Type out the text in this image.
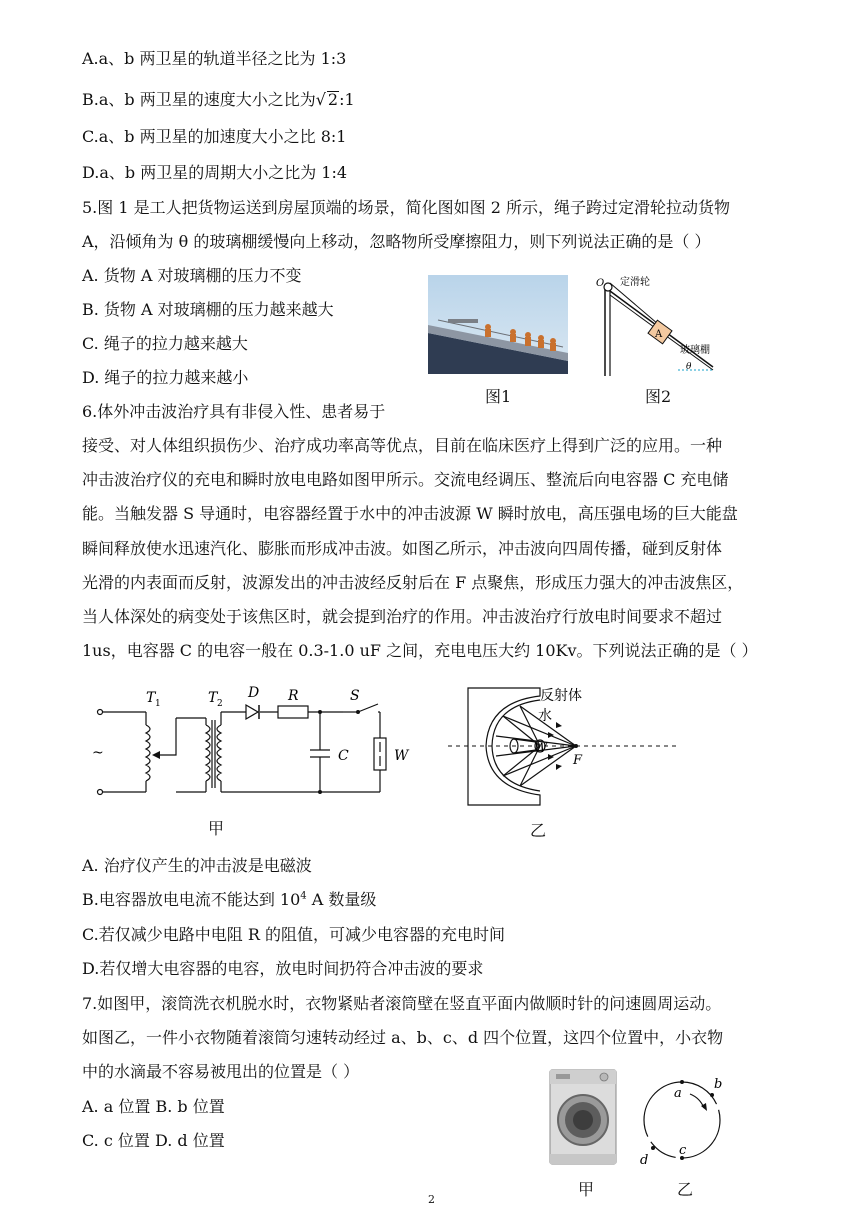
A.a、b 两卫星的轨道半径之比为 1:3
B.a、b 两卫星的速度大小之比为√ 2:1
C.a、b 两卫星的加速度大小之比 8:1
D.a、b 两卫星的周期大小之比为 1:4
5.图 1 是工人把货物运送到房屋顶端的场景，简化图如图 2 所示，绳子跨过定滑轮拉动货物
A，沿倾角为 θ 的玻璃棚缓慢向上移动，忽略物所受摩擦阻力，则下列说法正确的是（ ）
A. 货物 A 对玻璃棚的压力不变
B. 货物 A 对玻璃棚的压力越来越大
C. 绳子的拉力越来越大
D. 绳子的拉力越来越小
图1
A
θ
O 定滑轮
玻璃棚
图2
6.体外冲击波治疗具有非侵入性、患者易于
接受、对人体组织损伤少、治疗成功率高等优点，目前在临床医疗上得到广泛的应用。一种
冲击波治疗仪的充电和瞬时放电电路如图甲所示。交流电经调压、整流后向电容器 C 充电储
能。当触发器 S 导通时，电容器经置于水中的冲击波源 W 瞬时放电，高压强电场的巨大能盘
瞬间释放使水迅速汽化、膨胀而形成冲击波。如图乙所示，冲击波向四周传播，碰到反射体
光滑的内表面而反射，波源发出的冲击波经反射后在 F 点聚焦，形成压力强大的冲击波焦区，
当人体深处的病变处于该焦区时，就会提到治疗的作用。冲击波治疗行放电时间要求不超过
1us，电容器 C 的电容一般在 0.3-1.0 uF 之间，充电电压大约 10Kv。下列说法正确的是（ ）
~
T 1	T 2
D R	S
C	W
甲
反射体
水
W
F
乙
A. 治疗仪产生的冲击波是电磁波
B.电容器放电电流不能达到 $10^4$ A 数量级
C.若仅减少电路中电阻 R 的阻值，可减少电容器的充电时间
D.若仅增大电容器的电容，放电时间扔符合冲击波的要求
7.如图甲，滚筒洗衣机脱水时，衣物紧贴者滚筒壁在竖直平面内做顺时针的问速圆周运动。
如图乙，一件小衣物随着滚筒匀速转动经过 a、b、c、d 四个位置，这四个位置中，小衣物
中的水滴最不容易被甩出的位置是（ ）
A. a 位置 B. b 位置
C. c 位置 D. d 位置
甲
a
b
c
d
乙
2
